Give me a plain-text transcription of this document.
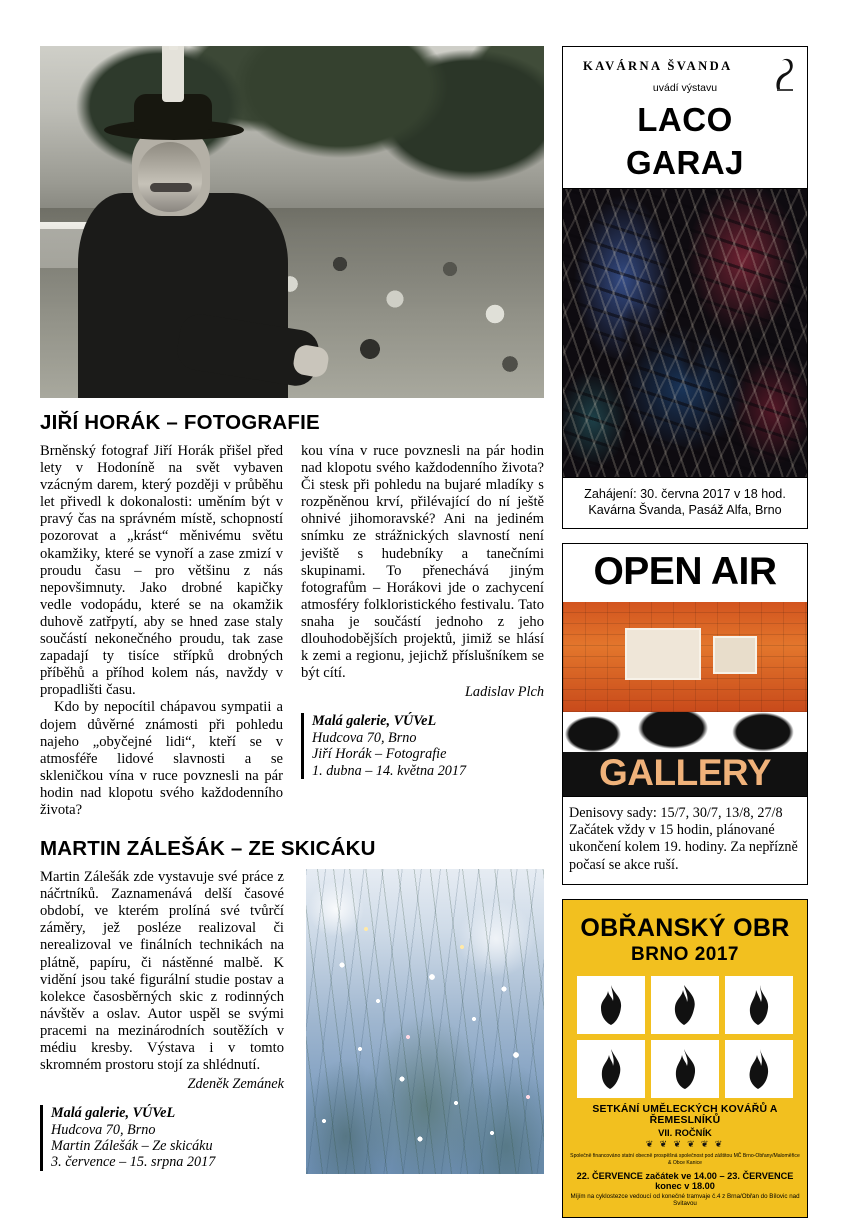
JIŘÍ HORÁK – FOTOGRAFIE

Brněnský fotograf Jiří Horák přišel před lety v Hodoníně na svět vybaven vzácným darem, který později v průběhu let přivedl k dokonalosti: uměním být v pravý čas na správném místě, schopností pozorovat a „krást“ měnivému světu okamžiky, které se vynoří a zase zmizí v proudu času – pro většinu z nás nepovšimnuty. Jako drobné kapičky vedle vodopádu, které se na okamžik duhově zatřpytí, aby se hned zase staly součástí nekonečného proudu, tak zase zapadají ty tisíce střípků drobných příběhů a příhod kolem nás, navždy v propadlišti času.

Kdo by nepocítil chápavou sympatii a dojem důvěrné známosti při pohledu najeho „obyčejné lidi“, kteří se v atmosféře lidové slavnosti a se skleničkou vína v ruce povznesli na pár hodin nad klopotu svého každodenního života?

kou vína v ruce povznesli na pár hodin nad klopotu svého každodenního života? Či stesk při pohledu na bujaré mladíky s rozpěněnou krví, přilévající do ní ještě ohnivé jihomoravské? Ani na jediném snímku ze strážnických slavností není jeviště s hudebníky a tanečními skupinami. To přenechává jiným fotografům – Horákovi jde o zachycení atmosféry folkloristického festivalu. Tato snaha je součástí jednoho z jeho dlouhodobějších projektů, jimiž se hlásí k zemi a regionu, jejichž příslušníkem se být cítí.

Ladislav Plch

Malá galerie, VÚVeL
Hudcova 70, Brno
Jiří Horák – Fotografie
1. dubna – 14. května 2017
MARTIN ZÁLEŠÁK – ZE SKICÁKU

Martin Zálešák zde vystavuje své práce z náčrtníků. Zaznamenává delší časové období, ve kterém prolíná své tvůrčí záměry, jež posléze realizoval či nerealizoval ve finálních technikách na plátně, papíru, či nástěnné malbě. K vidění jsou také figurální studie postav a kolekce časosběrných skic z rodinných návštěv a oslav. Autor uspěl se svými pracemi na mezinárodních soutěžích v médiu kresby. Výstava i v tomto skromném prostoru stojí za shlédnutí.

Zdeněk Zemánek

Malá galerie, VÚVeL
Hudcova 70, Brno
Martin Zálešák – Ze skicáku
3. července – 15. srpna 2017
KAVÁRNA ŠVANDA
uvádí výstavu
LACO
GARAJ
Zahájení: 30. června 2017 v 18 hod.
Kavárna Švanda, Pasáž Alfa, Brno
OPEN AIR
GALLERY
Denisovy sady: 15/7, 30/7, 13/8, 27/8
Začátek vždy v 15 hodin, plánované ukončení kolem 19. hodiny. Za nepřízně počasí se akce ruší.
OBŘANSKÝ OBR
BRNO 2017
SETKÁNÍ UMĚLECKÝCH KOVÁŘŮ A ŘEMESLNÍKŮ
VII. ROČNÍK
❦ ❦ ❦ ❦ ❦ ❦
Společně financováno statní obecně prospěšná společnost pod záštitou MČ Brno-Obřany/Maloměřice & Obce Kanice
22. ČERVENCE začátek ve 14.00 – 23. ČERVENCE konec v 18.00
Míjím na cyklostezce vedoucí od konečné tramvaje č.4 z Brna/Obřan do Bílovic nad Svitavou
